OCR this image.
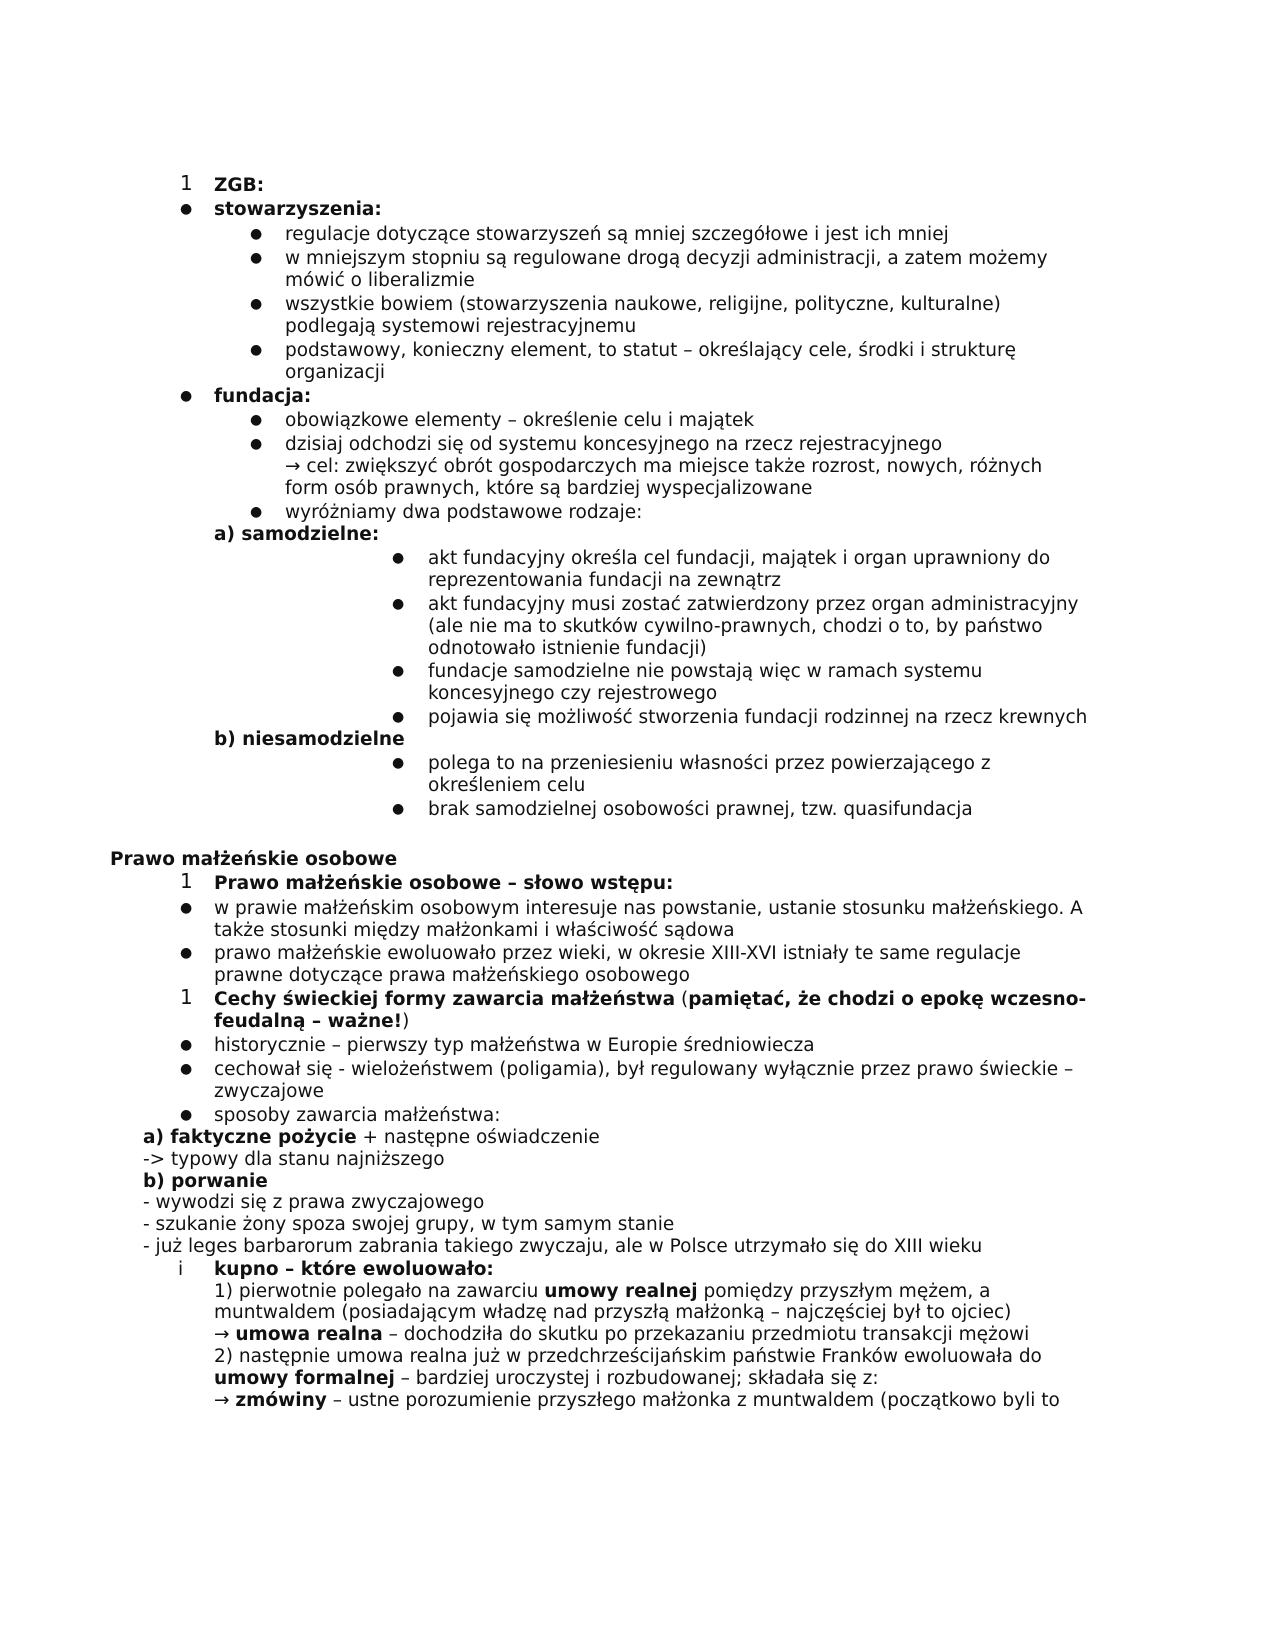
1 ZGB:
● stowarzyszenia:
● regulacje dotyczące stowarzyszeń są mniej szczegółowe i jest ich mniej
● w mniejszym stopniu są regulowane drogą decyzji administracji, a zatem możemy
mówić o liberalizmie
● wszystkie bowiem (stowarzyszenia naukowe, religijne, polityczne, kulturalne)
podlegają systemowi rejestracyjnemu
● podstawowy, konieczny element, to statut – określający cele, środki i strukturę
organizacji
● fundacja:
● obowiązkowe elementy – określenie celu i majątek
● dzisiaj odchodzi się od systemu koncesyjnego na rzecz rejestracyjnego
→ cel: zwiększyć obrót gospodarczych ma miejsce także rozrost, nowych, różnych
form osób prawnych, które są bardziej wyspecjalizowane
● wyróżniamy dwa podstawowe rodzaje:
a) samodzielne:
● akt fundacyjny określa cel fundacji, majątek i organ uprawniony do
reprezentowania fundacji na zewnątrz
● akt fundacyjny musi zostać zatwierdzony przez organ administracyjny
(ale nie ma to skutków cywilno-prawnych, chodzi o to, by państwo
odnotowało istnienie fundacji)
● fundacje samodzielne nie powstają więc w ramach systemu
koncesyjnego czy rejestrowego
● pojawia się możliwość stworzenia fundacji rodzinnej na rzecz krewnych
b) niesamodzielne
● polega to na przeniesieniu własności przez powierzającego z
określeniem celu
● brak samodzielnej osobowości prawnej, tzw. quasifundacja
Prawo małżeńskie osobowe
1 Prawo małżeńskie osobowe – słowo wstępu:
● w prawie małżeńskim osobowym interesuje nas powstanie, ustanie stosunku małżeńskiego. A
także stosunki między małżonkami i właściwość sądowa
● prawo małżeńskie ewoluowało przez wieki, w okresie XIII-XVI istniały te same regulacje
prawne dotyczące prawa małżeńskiego osobowego
1 Cechy świeckiej formy zawarcia małżeństwa (pamiętać, że chodzi o epokę wczesno-
feudalną – ważne!)
● historycznie – pierwszy typ małżeństwa w Europie średniowiecza
● cechował się - wielożeństwem (poligamia), był regulowany wyłącznie przez prawo świeckie –
zwyczajowe
● sposoby zawarcia małżeństwa:
a) faktyczne pożycie + następne oświadczenie
-> typowy dla stanu najniższego
b) porwanie
- wywodzi się z prawa zwyczajowego
- szukanie żony spoza swojej grupy, w tym samym stanie
- już leges barbarorum zabrania takiego zwyczaju, ale w Polsce utrzymało się do XIII wieku
i kupno – które ewoluowało:
1) pierwotnie polegało na zawarciu umowy realnej pomiędzy przyszłym mężem, a
muntwaldem (posiadającym władzę nad przyszłą małżonką – najczęściej był to ojciec)
→ umowa realna – dochodziła do skutku po przekazaniu przedmiotu transakcji mężowi
2) następnie umowa realna już w przedchrześcijańskim państwie Franków ewoluowała do
umowy formalnej – bardziej uroczystej i rozbudowanej; składała się z:
→ zmówiny – ustne porozumienie przyszłego małżonka z muntwaldem (początkowo byli to
